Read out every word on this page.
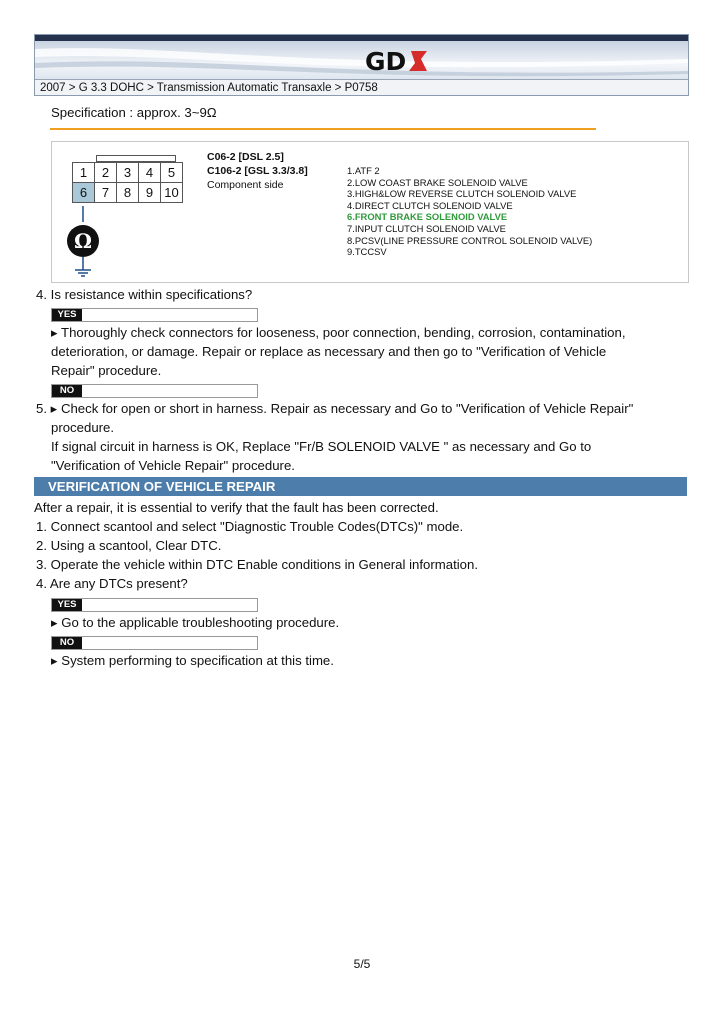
GD
2007 > G 3.3 DOHC > Transmission Automatic Transaxle > P0758
Specification : approx. 3~9Ω
1	2	3	4	5
6	7	8	9	10
Ω
C06-2 [DSL 2.5]
C106-2 [GSL 3.3/3.8]
Component side
1.ATF 2
2.LOW COAST BRAKE SOLENOID VALVE
3.HIGH&LOW REVERSE CLUTCH SOLENOID VALVE
4.DIRECT CLUTCH SOLENOID VALVE
6.FRONT BRAKE SOLENOID VALVE
7.INPUT CLUTCH SOLENOID VALVE
8.PCSV(LINE PRESSURE CONTROL SOLENOID VALVE)
9.TCCSV
4. Is resistance within specifications?
YES
▸ Thoroughly check connectors for looseness, poor connection, bending, corrosion, contamination,
deterioration, or damage. Repair or replace as necessary and then go to "Verification of Vehicle
Repair" procedure.
NO
5. ▸ Check for open or short in harness. Repair as necessary and Go to "Verification of Vehicle Repair"
procedure.
If signal circuit in harness is OK, Replace "Fr/B SOLENOID VALVE " as necessary and Go to
"Verification of Vehicle Repair" procedure.
VERIFICATION OF VEHICLE REPAIR
After a repair, it is essential to verify that the fault has been corrected.
1. Connect scantool and select "Diagnostic Trouble Codes(DTCs)" mode.
2. Using a scantool, Clear DTC.
3. Operate the vehicle within DTC Enable conditions in General information.
4. Are any DTCs present?
YES
▸ Go to the applicable troubleshooting procedure.
NO
▸ System performing to specification at this time.
5/5
